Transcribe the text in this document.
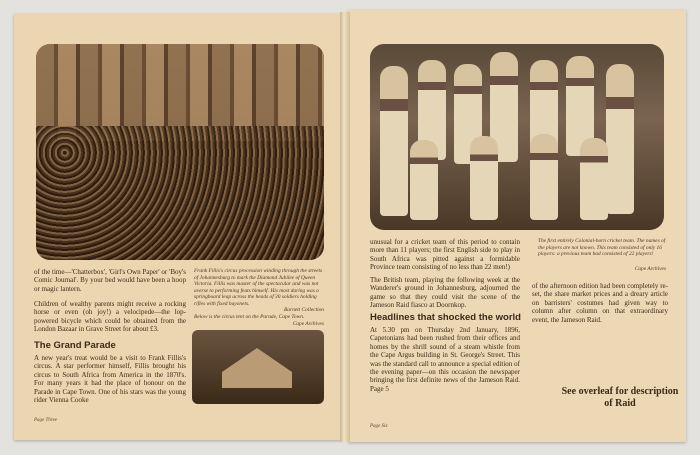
of the time—'Chatterbox', 'Girl's Own Paper' or 'Boy's Comic Journal'. By your bed would have been a hoop or magic lantern.
Children of wealthy parents might receive a rocking horse or even (oh joy!) a velocipede—the lop-powered bicycle which could be obtained from the London Bazaar in Grave Street for about £3.
The Grand Parade
A new year's treat would be a visit to Frank Fillis's circus. A star performer himself, Fillis brought his circus to South Africa from America in the 1870's. For many years it had the place of honour on the Parade in Cape Town. One of his stars was the young rider Vienna Cooke
Frank Fillis's circus procession winding through the streets of Johannesburg to mark the Diamond Jubilee of Queen Victoria. Fillis was master of the spectacular and was not averse to performing feats himself. His most daring was a springboard leap across the heads of 30 soldiers holding rifles with fixed bayonets.
Barnett Collection
Below is the circus tent on the Parade, Cape Town.
Cape Archives
Page Three
unusual for a cricket team of this period to contain more than 11 players; the first English side to play in South Africa was pitted against a formidable Province team consisting of no less than 22 men!)
The British team, playing the following week at the Wanderer's ground in Johannesburg, adjourned the game so that they could visit the scene of the Jameson Raid fiasco at Doornkop.
Headlines that shocked the world
At 5.30 pm on Thursday 2nd January, 1896, Capetonians had been rushed from their offices and homes by the shrill sound of a steam whistle from the Cape Argus building in St. George's Street. This was the standard call to announce a special edition of the evening paper—on this occasion the newspaper bringing the first definite news of the Jameson Raid. Page 5
The first entirely Colonial-born cricket team. The names of the players are not known. This team consisted of only 16 players: a previous team had consisted of 22 players!
Cape Archives
of the afternoon edition had been completely re-set, the share market prices and a dreary article on barristers' costumes had given way to column after column on that extraordinary event, the Jameson Raid.
See overleaf for description of Raid
Page Six
